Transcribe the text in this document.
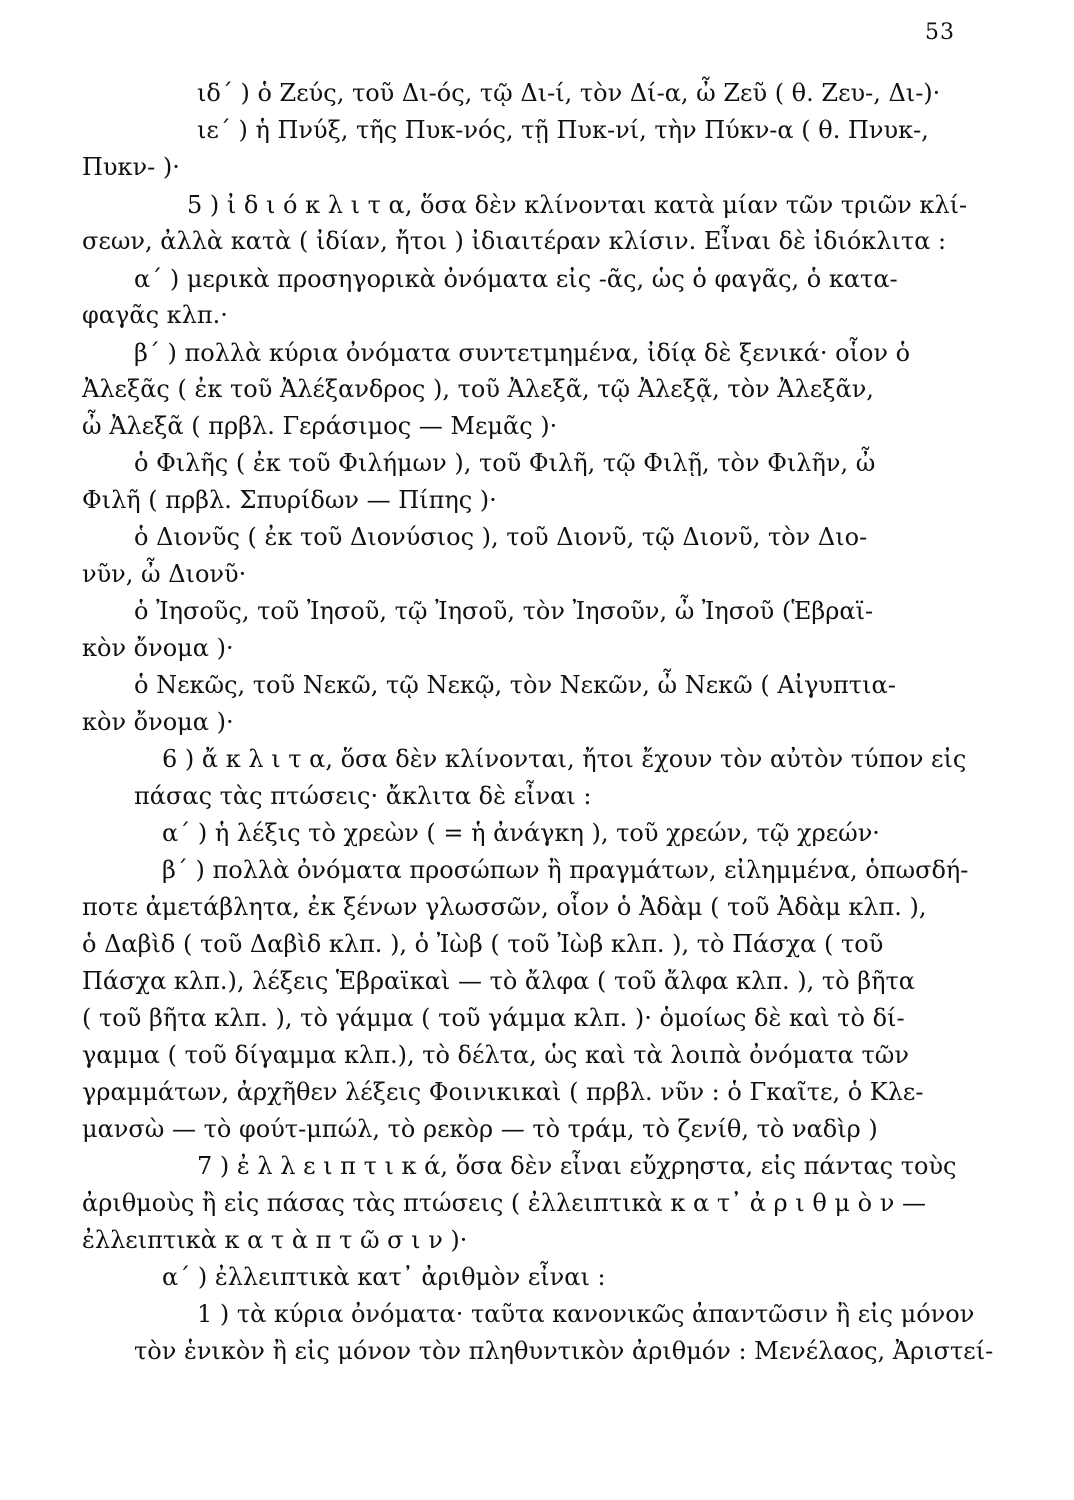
53
ιδ΄ ) ὁ Ζεύς, τοῦ Δι-ός, τῷ Δι-ί, τὸν Δί-α, ὦ Ζεῦ ( θ. Ζευ-, Δι-)·
ιε΄ ) ἡ Πνύξ, τῆς Πυκ-νός, τῇ Πυκ-νί, τὴν Πύκν-α ( θ. Πνυκ-,
Πυκν- )·
5 ) ἰ δ ι ό κ λ ι τ α, ὅσα δὲν κλίνονται κατὰ μίαν τῶν τριῶν κλί-
σεων, ἀλλὰ κατὰ ( ἰδίαν, ἤτοι ) ἰδιαιτέραν κλίσιν. Εἶναι δὲ ἰδιόκλιτα :
α΄ ) μερικὰ προσηγορικὰ ὀνόματα εἰς -ᾶς, ὡς ὁ φαγᾶς, ὁ κατα-
φαγᾶς κλπ.·
β΄ ) πολλὰ κύρια ὀνόματα συντετμημένα, ἰδίᾳ δὲ ξενικά· οἷον ὁ
Ἀλεξᾶς ( ἐκ τοῦ Ἀλέξανδρος ), τοῦ Ἀλεξᾶ, τῷ Ἀλεξᾷ, τὸν Ἀλεξᾶν,
ὦ Ἀλεξᾶ ( πρβλ. Γεράσιμος — Μεμᾶς )·
ὁ Φιλῆς ( ἐκ τοῦ Φιλήμων ), τοῦ Φιλῆ, τῷ Φιλῇ, τὸν Φιλῆν, ὦ
Φιλῆ ( πρβλ. Σπυρίδων — Πίπης )·
ὁ Διονῦς ( ἐκ τοῦ Διονύσιος ), τοῦ Διονῦ, τῷ Διονῦ, τὸν Διο-
νῦν, ὦ Διονῦ·
ὁ Ἰησοῦς, τοῦ Ἰησοῦ, τῷ Ἰησοῦ, τὸν Ἰησοῦν, ὦ Ἰησοῦ (Ἑβραϊ-
κὸν ὄνομα )·
ὁ Νεκῶς, τοῦ Νεκῶ, τῷ Νεκῷ, τὸν Νεκῶν, ὦ Νεκῶ ( Αἰγυπτια-
κὸν ὄνομα )·
6 ) ἄ κ λ ι τ α, ὅσα δὲν κλίνονται, ἤτοι ἔχουν τὸν αὐτὸν τύπον εἰς
πάσας τὰς πτώσεις· ἄκλιτα δὲ εἶναι :
α΄ ) ἡ λέξις τὸ χρεὼν ( = ἡ ἀνάγκη ), τοῦ χρεών, τῷ χρεών·
β΄ ) πολλὰ ὀνόματα προσώπων ἢ πραγμάτων, εἰλημμένα, ὁπωσδή-
ποτε ἀμετάβλητα, ἐκ ξένων γλωσσῶν, οἷον ὁ Ἀδὰμ ( τοῦ Ἀδὰμ κλπ. ),
ὁ Δαβὶδ ( τοῦ Δαβὶδ κλπ. ), ὁ Ἰὼβ ( τοῦ Ἰὼβ κλπ. ), τὸ Πάσχα ( τοῦ
Πάσχα κλπ.), λέξεις Ἑβραϊκαὶ — τὸ ἄλφα ( τοῦ ἄλφα κλπ. ), τὸ βῆτα
( τοῦ βῆτα κλπ. ), τὸ γάμμα ( τοῦ γάμμα κλπ. )· ὁμοίως δὲ καὶ τὸ δί-
γαμμα ( τοῦ δίγαμμα κλπ.), τὸ δέλτα, ὡς καὶ τὰ λοιπὰ ὀνόματα τῶν
γραμμάτων, ἀρχῆθεν λέξεις Φοινικικαὶ ( πρβλ. νῦν : ὁ Γκαῖτε, ὁ Κλε-
μανσὼ — τὸ φούτ-μπώλ, τὸ ρεκὸρ — τὸ τράμ, τὸ ζενίθ, τὸ ναδὶρ )
7 ) ἐ λ λ ε ι π τ ι κ ά, ὅσα δὲν εἶναι εὔχρηστα, εἰς πάντας τοὺς
ἀριθμοὺς ἢ εἰς πάσας τὰς πτώσεις ( ἐλλειπτικὰ κ α τ᾽ ἀ ρ ι θ μ ὸ ν —
ἐλλειπτικὰ κ α τ ὰ π τ ῶ σ ι ν )·
α΄ ) ἐλλειπτικὰ κατ᾽ ἀριθμὸν εἶναι :
1 ) τὰ κύρια ὀνόματα· ταῦτα κανονικῶς ἀπαντῶσιν ἢ εἰς μόνον
τὸν ἑνικὸν ἢ εἰς μόνον τὸν πληθυντικὸν ἀριθμόν : Μενέλαος, Ἀριστεί-
